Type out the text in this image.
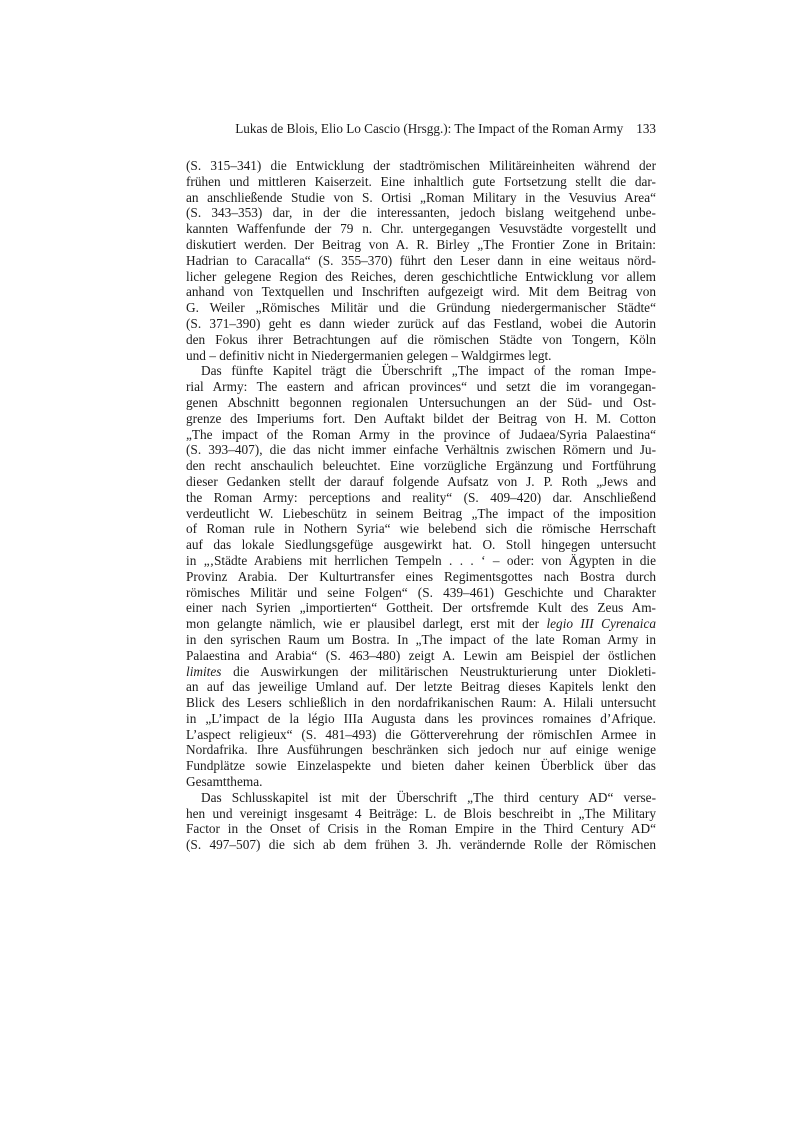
Lukas de Blois, Elio Lo Cascio (Hrsgg.): The Impact of the Roman Army 133
(S. 315–341) die Entwicklung der stadtrömischen Militäreinheiten während der
frühen und mittleren Kaiserzeit. Eine inhaltlich gute Fortsetzung stellt die dar-
an anschließende Studie von S. Ortisi „Roman Military in the Vesuvius Area“
(S. 343–353) dar, in der die interessanten, jedoch bislang weitgehend unbe-
kannten Waffenfunde der 79 n. Chr. untergegangen Vesuvstädte vorgestellt und
diskutiert werden. Der Beitrag von A. R. Birley „The Frontier Zone in Britain:
Hadrian to Caracalla“ (S. 355–370) führt den Leser dann in eine weitaus nörd-
licher gelegene Region des Reiches, deren geschichtliche Entwicklung vor allem
anhand von Textquellen und Inschriften aufgezeigt wird. Mit dem Beitrag von
G. Weiler „Römisches Militär und die Gründung niedergermanischer Städte“
(S. 371–390) geht es dann wieder zurück auf das Festland, wobei die Autorin
den Fokus ihrer Betrachtungen auf die römischen Städte von Tongern, Köln
und – definitiv nicht in Niedergermanien gelegen – Waldgirmes legt.
Das fünfte Kapitel trägt die Überschrift „The impact of the roman Impe-
rial Army: The eastern and african provinces“ und setzt die im vorangegan-
genen Abschnitt begonnen regionalen Untersuchungen an der Süd- und Ost-
grenze des Imperiums fort. Den Auftakt bildet der Beitrag von H. M. Cotton
„The impact of the Roman Army in the province of Judaea/Syria Palaestina“
(S. 393–407), die das nicht immer einfache Verhältnis zwischen Römern und Ju-
den recht anschaulich beleuchtet. Eine vorzügliche Ergänzung und Fortführung
dieser Gedanken stellt der darauf folgende Aufsatz von J. P. Roth „Jews and
the Roman Army: perceptions and reality“ (S. 409–420) dar. Anschließend
verdeutlicht W. Liebeschütz in seinem Beitrag „The impact of the imposition
of Roman rule in Nothern Syria“ wie belebend sich die römische Herrschaft
auf das lokale Siedlungsgefüge ausgewirkt hat. O. Stoll hingegen untersucht
in „‚Städte Arabiens mit herrlichen Tempeln . . . ‘ – oder: von Ägypten in die
Provinz Arabia. Der Kulturtransfer eines Regimentsgottes nach Bostra durch
römisches Militär und seine Folgen“ (S. 439–461) Geschichte und Charakter
einer nach Syrien „importierten“ Gottheit. Der ortsfremde Kult des Zeus Am-
mon gelangte nämlich, wie er plausibel darlegt, erst mit der legio III Cyrenaica
in den syrischen Raum um Bostra. In „The impact of the late Roman Army in
Palaestina and Arabia“ (S. 463–480) zeigt A. Lewin am Beispiel der östlichen
limites die Auswirkungen der militärischen Neustrukturierung unter Diokleti-
an auf das jeweilige Umland auf. Der letzte Beitrag dieses Kapitels lenkt den
Blick des Lesers schließlich in den nordafrikanischen Raum: A. Hilali untersucht
in „L’impact de la légio IIIa Augusta dans les provinces romaines d’Afrique.
L’aspect religieux“ (S. 481–493) die Götterverehrung der römischIen Armee in
Nordafrika. Ihre Ausführungen beschränken sich jedoch nur auf einige wenige
Fundplätze sowie Einzelaspekte und bieten daher keinen Überblick über das
Gesamtthema.
Das Schlusskapitel ist mit der Überschrift „The third century AD“ verse-
hen und vereinigt insgesamt 4 Beiträge: L. de Blois beschreibt in „The Military
Factor in the Onset of Crisis in the Roman Empire in the Third Century AD“
(S. 497–507) die sich ab dem frühen 3. Jh. verändernde Rolle der Römischen
